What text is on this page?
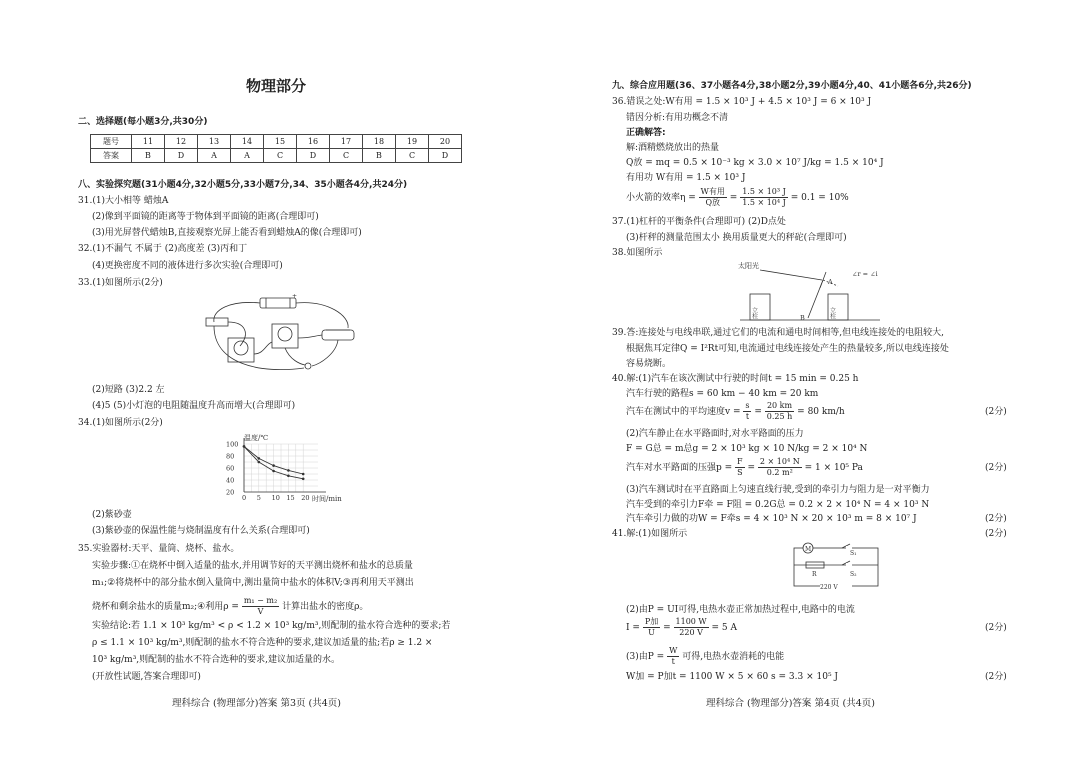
物理部分
二、选择题(每小题3分,共30分)
题号	11	12	13	14	15	16	17	18	19	20
答案	B	D	A	A	C	D	C	B	C	D
八、实验探究题(31小题4分,32小题5分,33小题7分,34、35小题各4分,共24分)
31.(1)大小相等 蜡烛A
(2)像到平面镜的距离等于物体到平面镜的距离(合理即可)
(3)用光屏替代蜡烛B,直接观察光屏上能否看到蜡烛A的像(合理即可)
32.(1)不漏气 不属于 (2)高度差 (3)丙和丁
(4)更换密度不同的液体进行多次实验(合理即可)
33.(1)如图所示(2分)
+
(2)短路 (3)2.2 左
(4)5 (5)小灯泡的电阻随温度升高而增大(合理即可)
34.(1)如图所示(2分)
温度/℃
时间/min
20
40
60
80
100
0 5 10 15 20
(2)紫砂壶
(3)紫砂壶的保温性能与烧制温度有什么关系(合理即可)
35.实验器材:天平、量筒、烧杯、盐水。
实验步骤:①在烧杯中倒入适量的盐水,并用调节好的天平测出烧杯和盐水的总质量
m₁;②将烧杯中的部分盐水倒入量筒中,测出量筒中盐水的体积V;③再利用天平测出
烧杯和剩余盐水的质量m₂;④利用$\rho = \frac{\text{m₁ − m₂}}{V}$ 计算出盐水的密度ρ。
实验结论:若 1.1 × 10³ kg/m³ < ρ < 1.2 × 10³ kg/m³,则配制的盐水符合选种的要求;若
ρ ≤ 1.1 × 10³ kg/m³,则配制的盐水不符合选种的要求,建议加适量的盐;若ρ ≥ 1.2 ×
10³ kg/m³,则配制的盐水不符合选种的要求,建议加适量的水。
(开放性试题,答案合理即可)
理科综合 (物理部分)答案 第3页 (共4页)
九、综合应用题(36、37小题各4分,38小题2分,39小题4分,40、41小题各6分,共26分)
36.错误之处:W有用 = 1.5 × 10³ J + 4.5 × 10³ J = 6 × 10³ J
错因分析:有用功概念不清
正确解答:
解:酒精燃烧放出的热量
Q放 = mq = 0.5 × 10⁻³ kg × 3.0 × 10⁷ J/kg = 1.5 × 10⁴ J
有用功 W有用 = 1.5 × 10³ J
小火箭的效率$\eta = \frac{\text{W有用}}{\text{Q放}} = \frac{\text{1.5 × 10³ J}}{\text{1.5 × 10⁴ J}} = 0.1 = 10\%$
37.(1)杠杆的平衡条件(合理即可) (2)D点处
(3)杆秤的测量范围太小 换用质量更大的秤砣(合理即可)
38.如图所示
太阳光
∠r = ∠i
立柱	立柱
A
B
39.答:连接处与电线串联,通过它们的电流和通电时间相等,但电线连接处的电阻较大,
根据焦耳定律Q = I²Rt可知,电流通过电线连接处产生的热量较多,所以电线连接处
容易烧断。
40.解:(1)汽车在该次测试中行驶的时间t = 15 min = 0.25 h
汽车行驶的路程s = 60 km − 40 km = 20 km
汽车在测试中的平均速度$v = \frac{s}{t} = \frac{20 km}{0.25 h} = 80$ km/h	(2分)
(2)汽车静止在水平路面时,对水平路面的压力
F = G总 = m总g = 2 × 10³ kg × 10 N/kg = 2 × 10⁴ N
汽车对水平路面的压强$p = \frac{F}{S} = \frac{\text{2 × 10⁴ N}}{\text{0.2 m²}} = 1 \times 10^5$ Pa	(2分)
(3)汽车测试时在平直路面上匀速直线行驶,受到的牵引力与阻力是一对平衡力
汽车受到的牵引力F牵 = F阻 = 0.2G总 = 0.2 × 2 × 10⁴ N = 4 × 10³ N
汽车牵引力做的功W = F牵s = 4 × 10³ N × 20 × 10³ m = 8 × 10⁷ J	(2分)
41.解:(1)如图所示	(2分)
M
S₁
R	S₂
220 V
(2)由P = UI可得,电热水壶正常加热过程中,电路中的电流
$I = \frac{\text{P加}}{U} = \frac{1100 W}{220 V} = 5$ A	(2分)
(3)由$P = \frac{W}{t}$ 可得,电热水壶消耗的电能
W加 = P加t = 1100 W × 5 × 60 s = 3.3 × 10⁵ J	(2分)
理科综合 (物理部分)答案 第4页 (共4页)
